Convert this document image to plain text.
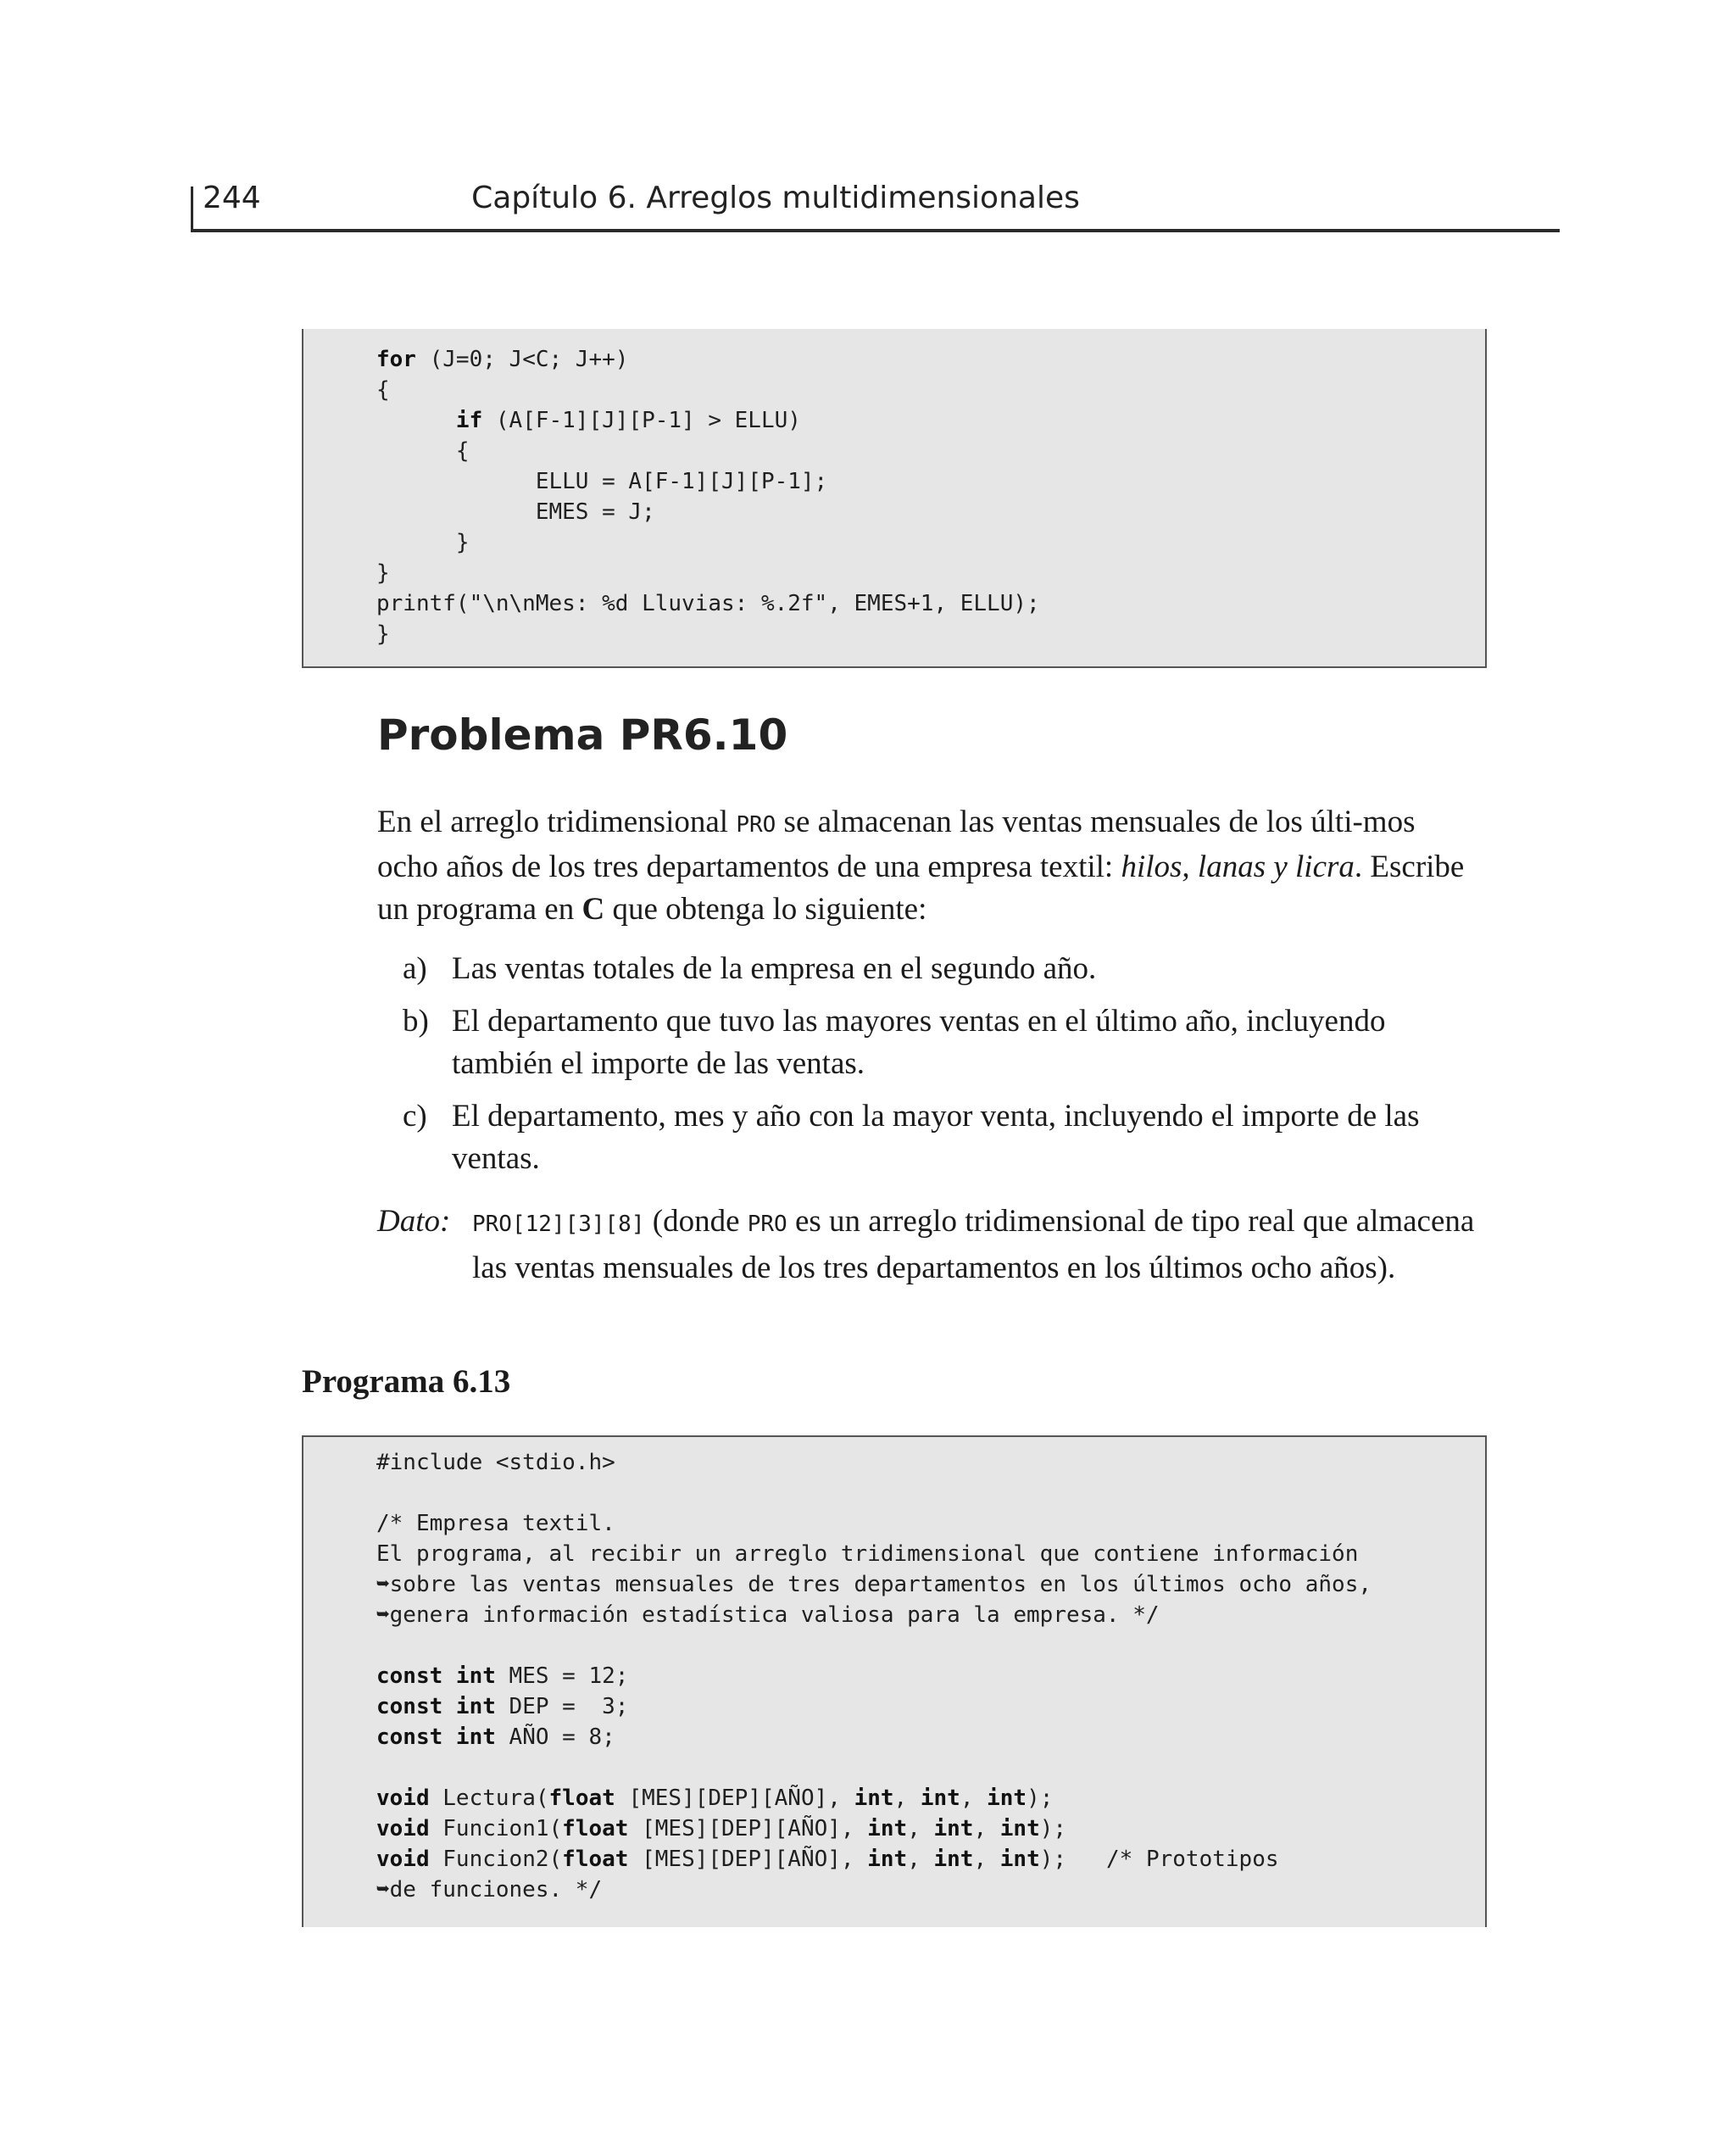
244	Capítulo 6. Arreglos multidimensionales
for (J=0; J<C; J++)
{
if (A[F-1][J][P-1] > ELLU)
{
ELLU = A[F-1][J][P-1];
EMES = J;
}
}
printf("\n\nMes: %d Lluvias: %.2f", EMES+1, ELLU);
}
Problema PR6.10
En el arreglo tridimensional PRO se almacenan las ventas mensuales de los últi-mos ocho años de los tres departamentos de una empresa textil: hilos, lanas y licra. Escribe un programa en C que obtenga lo siguiente:
a) Las ventas totales de la empresa en el segundo año.
b) El departamento que tuvo las mayores ventas en el último año, incluyendo también el importe de las ventas.
c) El departamento, mes y año con la mayor venta, incluyendo el importe de las ventas.
Dato: PRO[12][3][8] (donde PRO es un arreglo tridimensional de tipo real que almacena las ventas mensuales de los tres departamentos en los últimos ocho años).
Programa 6.13
#include <stdio.h>

/* Empresa textil.
El programa, al recibir un arreglo tridimensional que contiene información
➥sobre las ventas mensuales de tres departamentos en los últimos ocho años,
➥genera información estadística valiosa para la empresa. */

const int MES = 12;
const int DEP =  3;
const int AÑO = 8;

void Lectura(float [MES][DEP][AÑO], int, int, int);
void Funcion1(float [MES][DEP][AÑO], int, int, int);
void Funcion2(float [MES][DEP][AÑO], int, int, int);   /* Prototipos
➥de funciones. */
